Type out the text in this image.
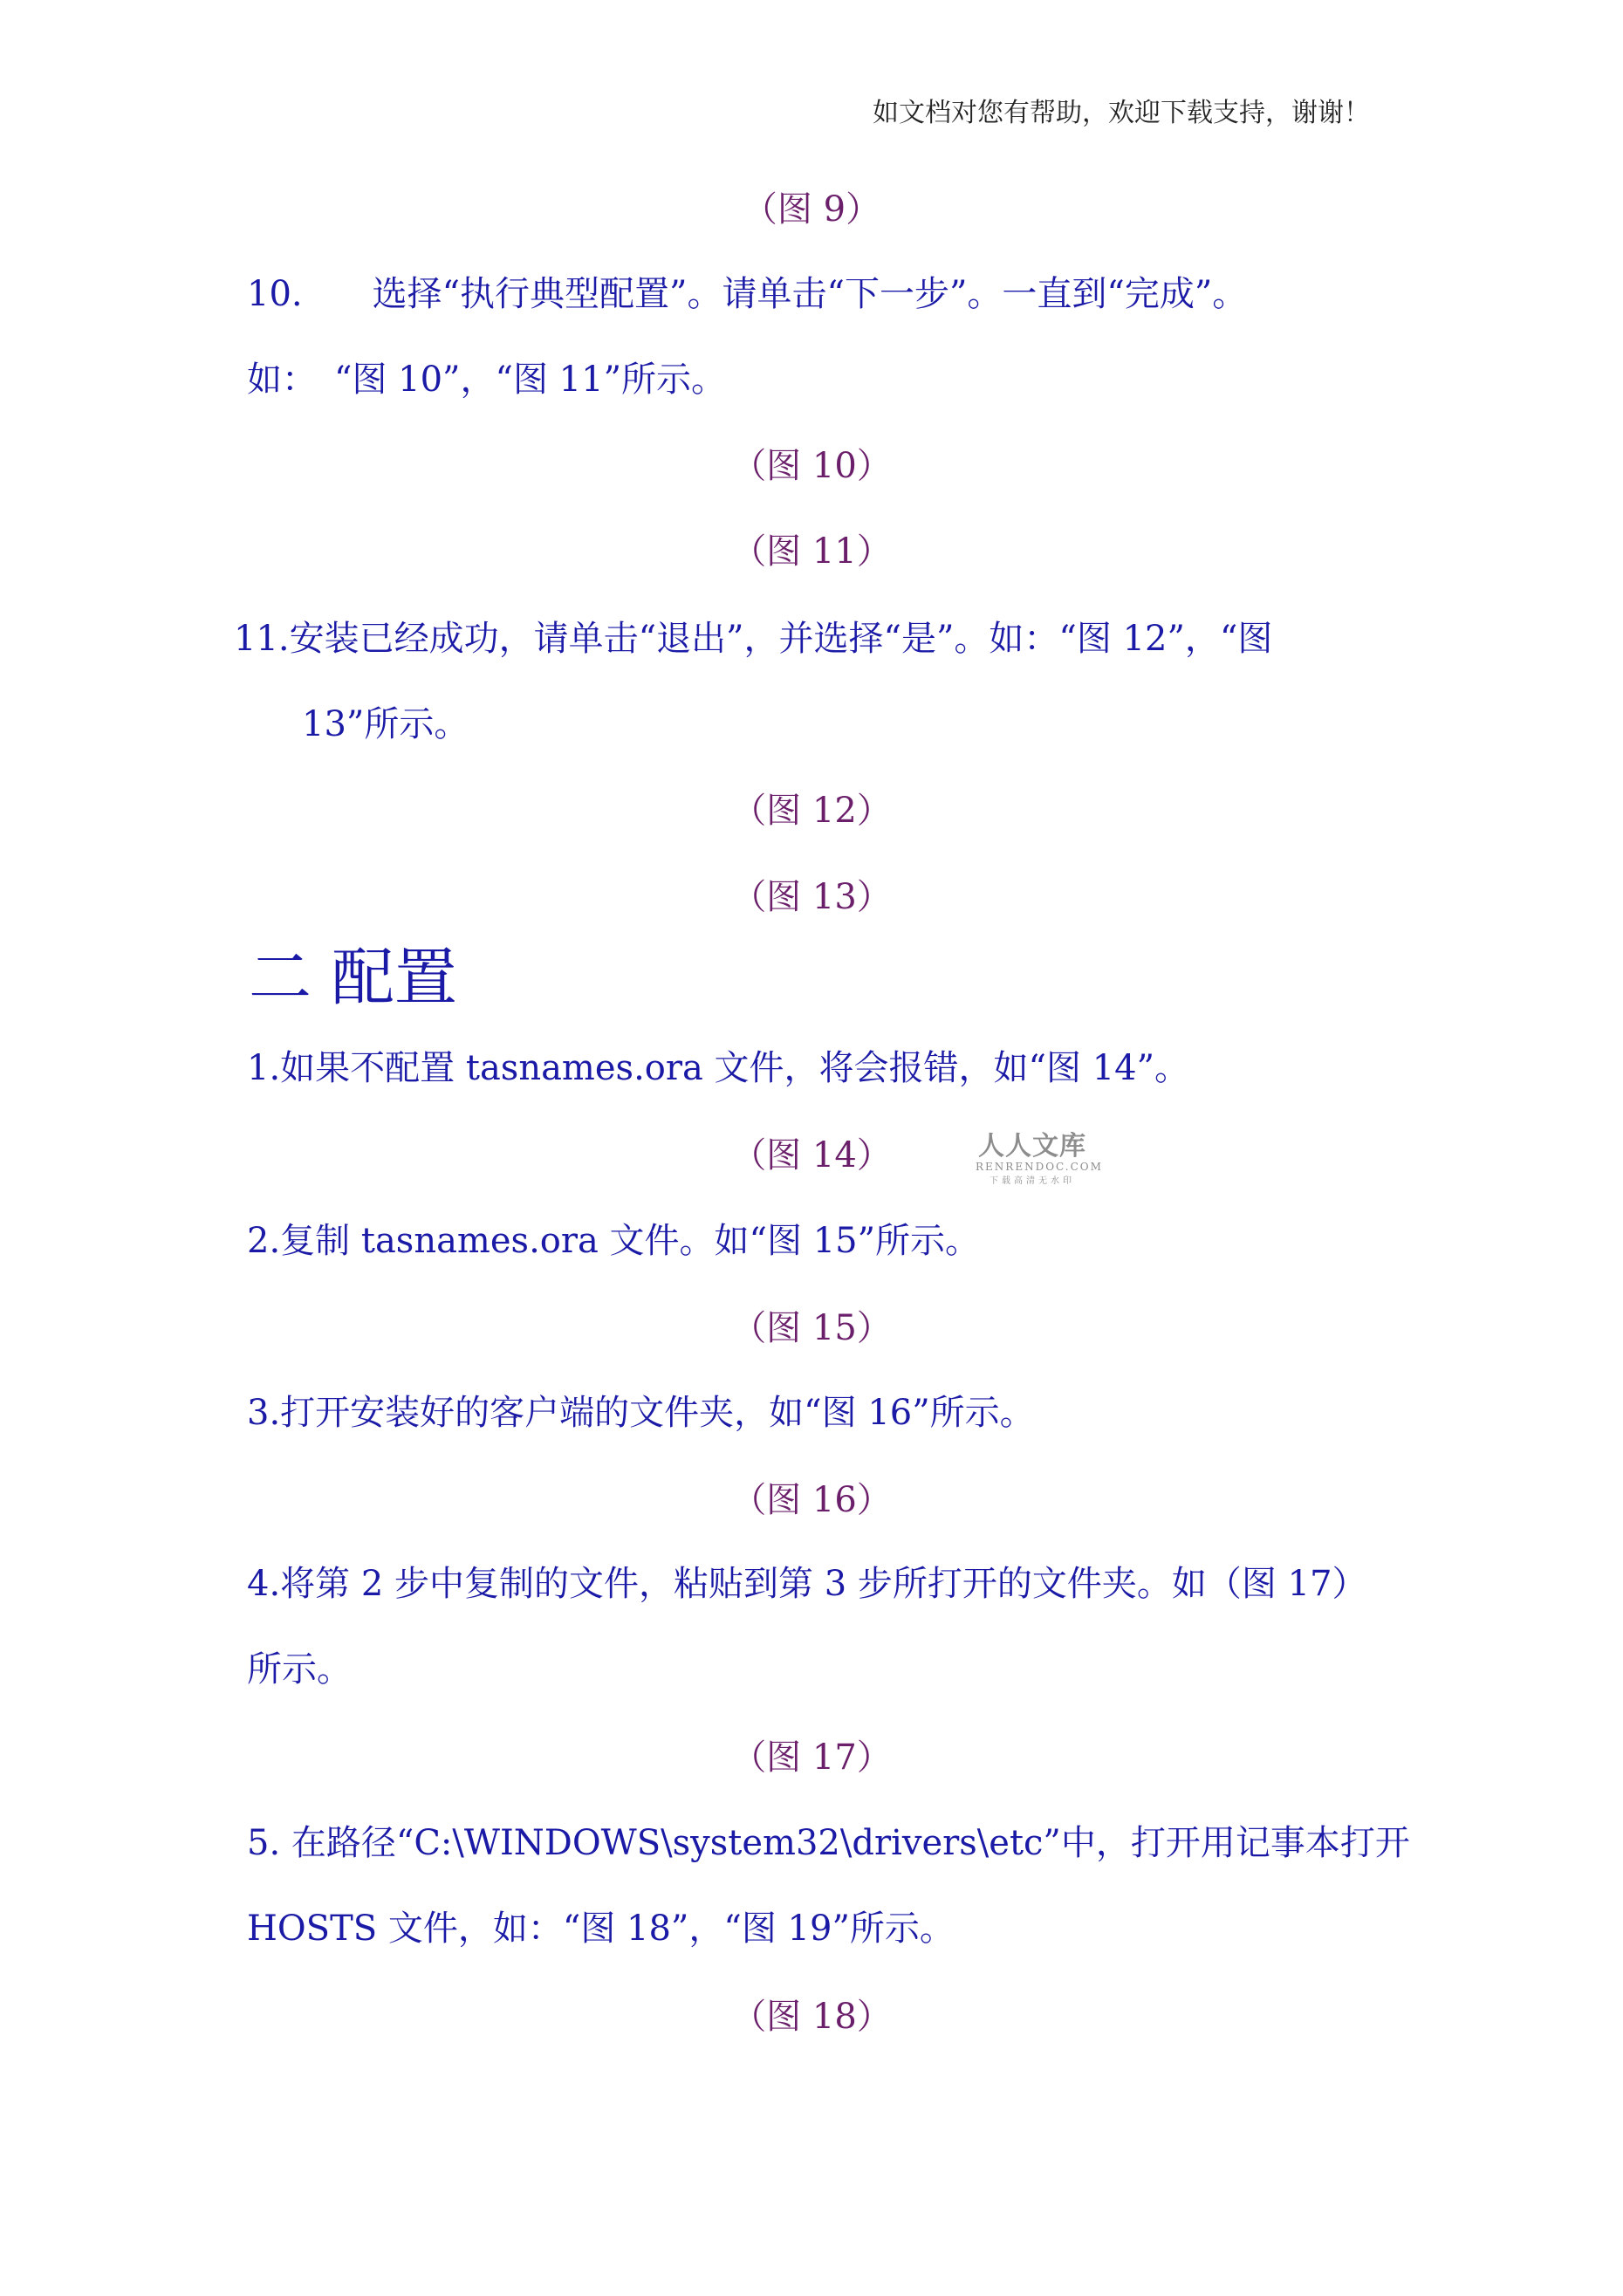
如文档对您有帮助，欢迎下载支持，谢谢！
（图 9）
10.　　选择“执行典型配置”。请单击“下一步”。一直到“完成”。
如：　“图 10”，“图 11”所示。
（图 10）
（图 11）
11.安装已经成功，请单击“退出”，并选择“是”。如：“图 12”，“图
13”所示。
（图 12）
（图 13）
二 配置
1.如果不配置 tasnames.ora 文件，将会报错，如“图 14”。
（图 14）	人人文库
RENRENDOC.COM
下载高清无水印
2.复制 tasnames.ora 文件。如“图 15”所示。
（图 15）
3.打开安装好的客户端的文件夹，如“图 16”所示。
（图 16）
4.将第 2 步中复制的文件，粘贴到第 3 步所打开的文件夹。如（图 17）
所示。
（图 17）
5. 在路径“C:\WINDOWS\system32\drivers\etc”中，打开用记事本打开
HOSTS 文件，如：“图 18”，“图 19”所示。
（图 18）
